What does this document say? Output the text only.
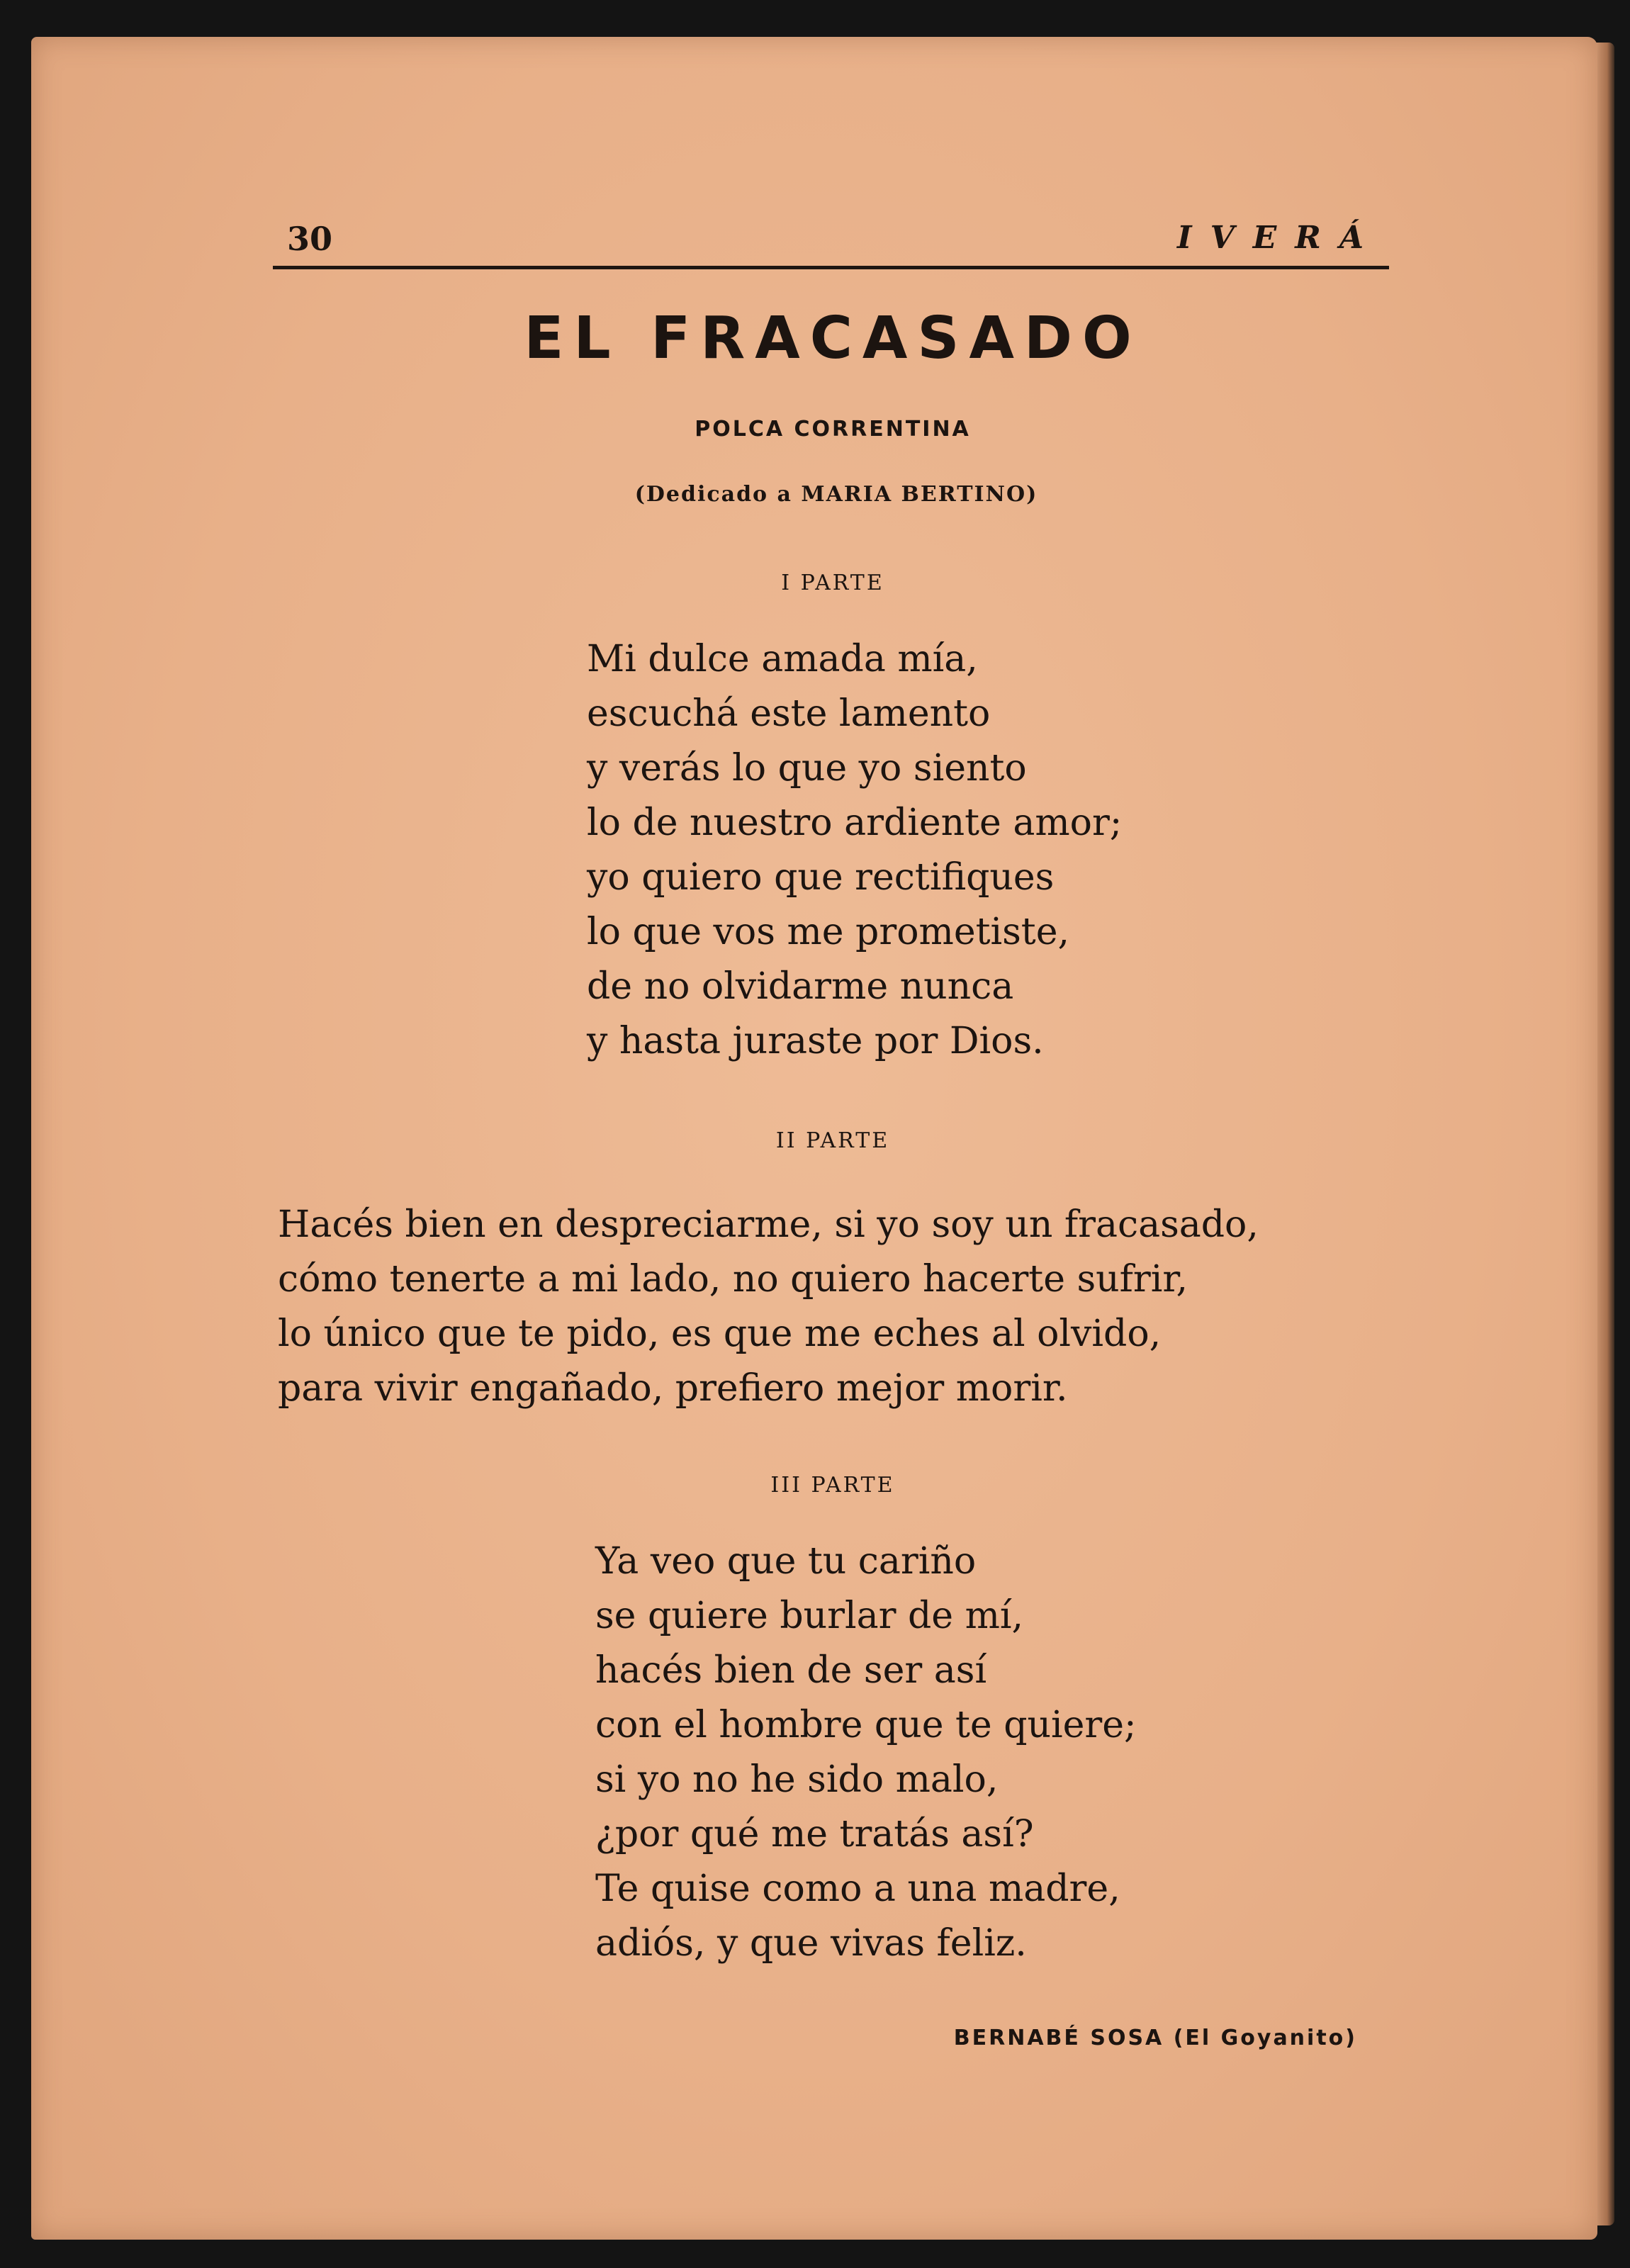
30	IVERÁ
EL FRACASADO
POLCA CORRENTINA
(Dedicado a MARIA BERTINO)
I PARTE
Mi dulce amada mía,
escuchá este lamento
y verás lo que yo siento
lo de nuestro ardiente amor;
yo quiero que rectifiques
lo que vos me prometiste,
de no olvidarme nunca
y hasta juraste por Dios.
II PARTE
Hacés bien en despreciarme, si yo soy un fracasado,
cómo tenerte a mi lado, no quiero hacerte sufrir,
lo único que te pido, es que me eches al olvido,
para vivir engañado, prefiero mejor morir.
III PARTE
Ya veo que tu cariño
se quiere burlar de mí,
hacés bien de ser así
con el hombre que te quiere;
si yo no he sido malo,
¿por qué me tratás así?
Te quise como a una madre,
adiós, y que vivas feliz.
BERNABÉ SOSA (El Goyanito)
